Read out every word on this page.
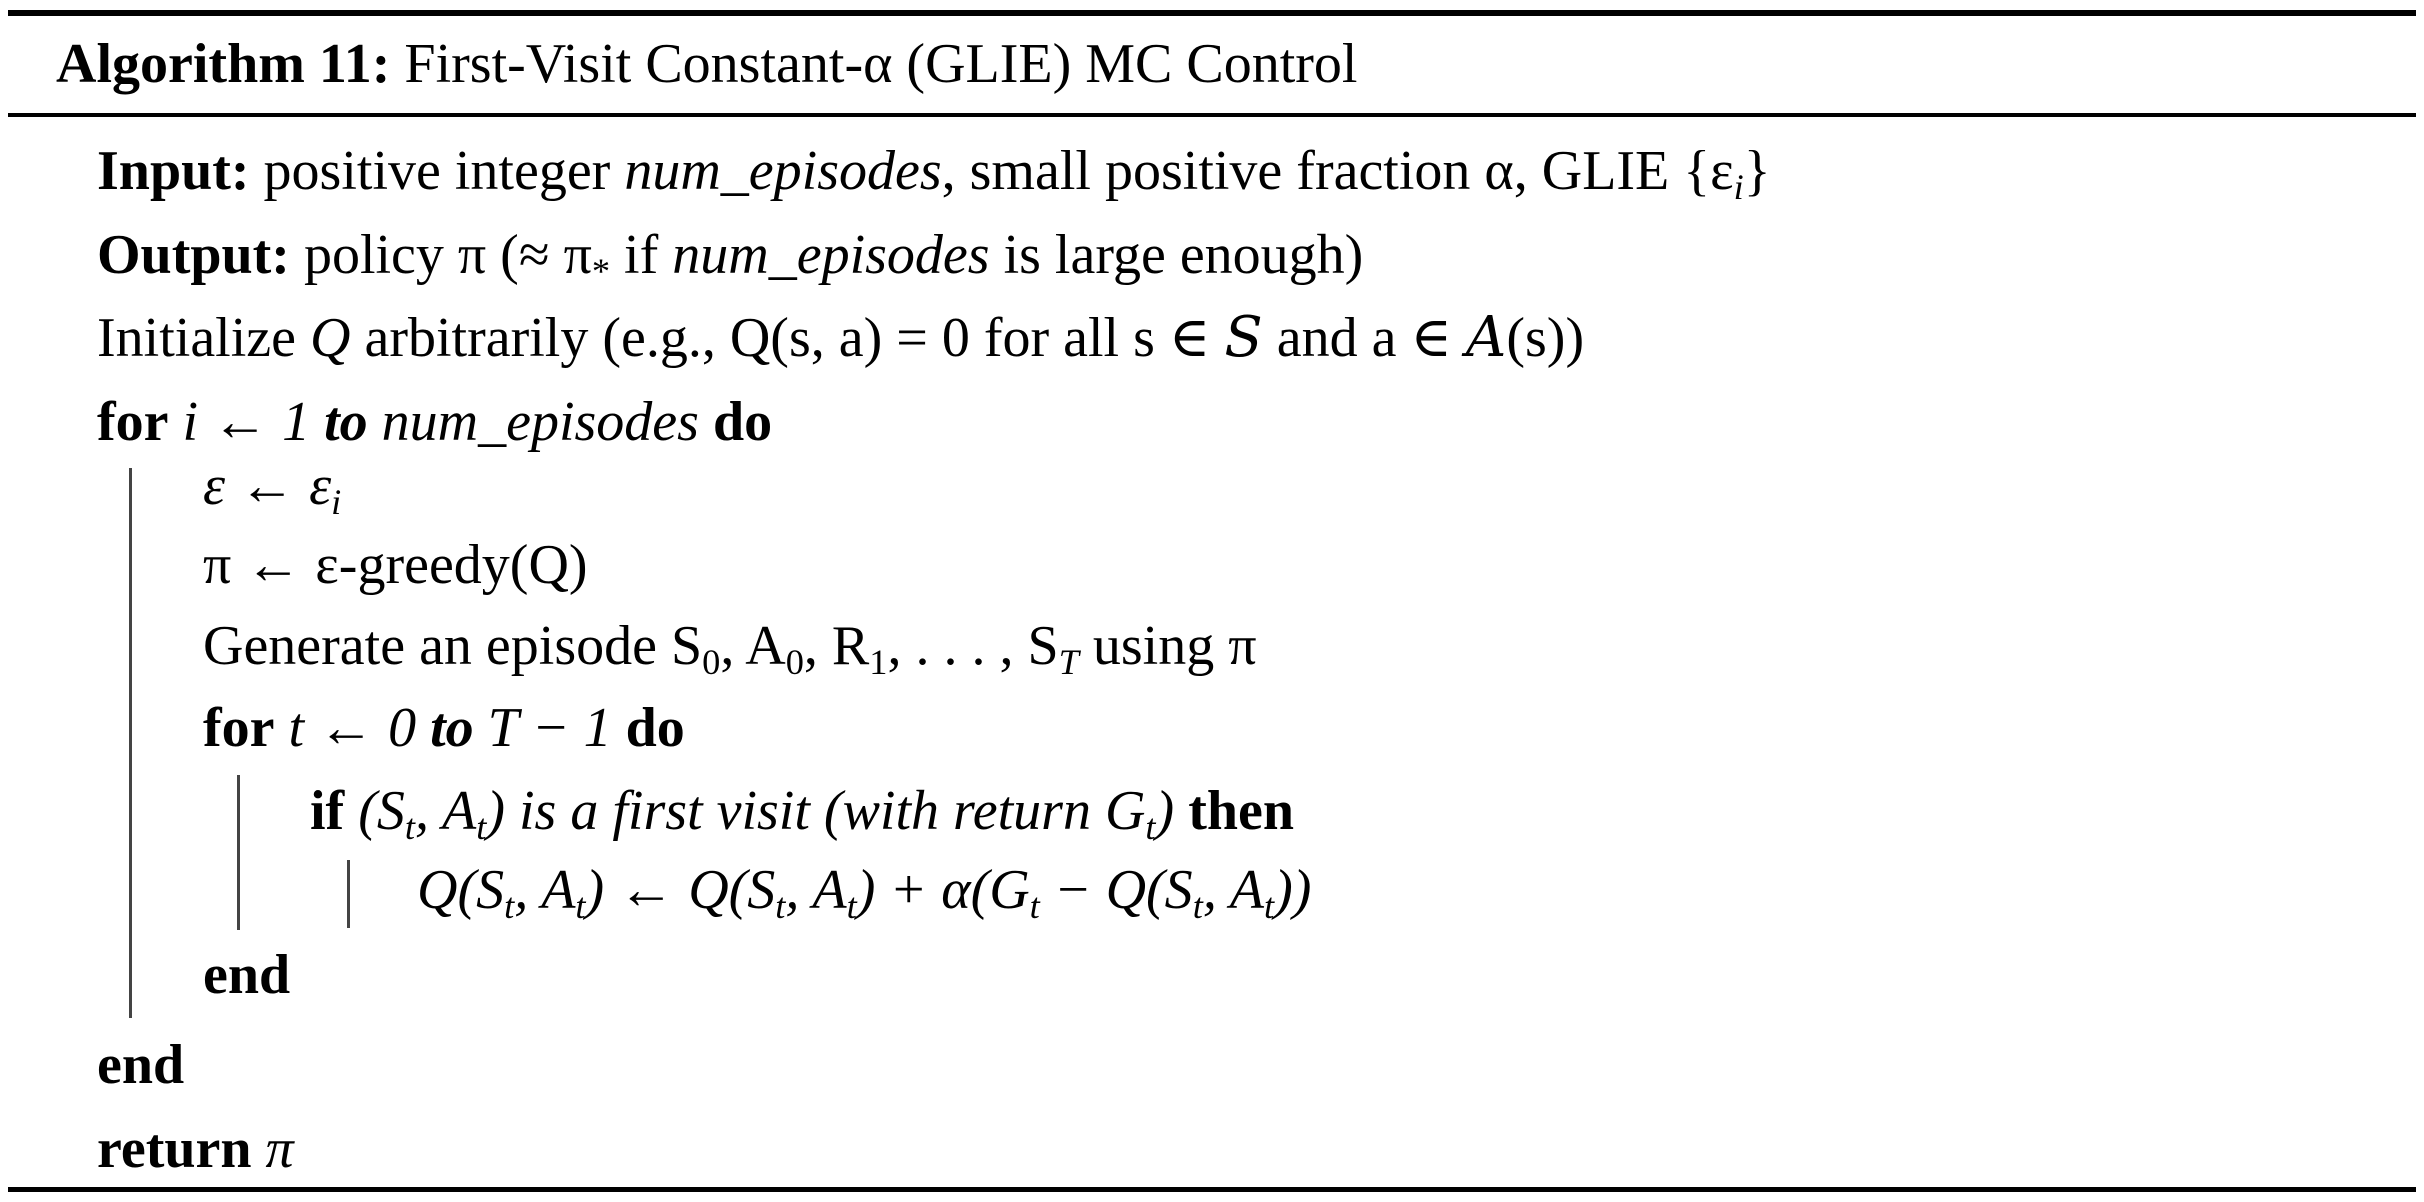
Algorithm 11: First-Visit Constant-α (GLIE) MC Control
Input: positive integer num_episodes, small positive fraction α, GLIE $\{\varepsilon_i\}$
Output: policy π (≈ $\pi_*$ if num_episodes is large enough)
Initialize Q arbitrarily (e.g., Q(s, a) = 0 for all s ∈ S and a ∈ A(s))
for i ← 1 to num_episodes do
ε ← $\varepsilon_i$
π ← ε-greedy(Q)
Generate an episode $S_0$, $A_0$, $R_1$, . . . , $S_T$ using π
for t ← 0 to T − 1 do
if ($S_t$, $A_t$) is a first visit (with return $G_t$) then
$Q(S_t$, $A_t$) ← $Q(S_t$, $A_t) + \alpha(G_t - Q(S_t$, $A_t$))
end
end
return π
